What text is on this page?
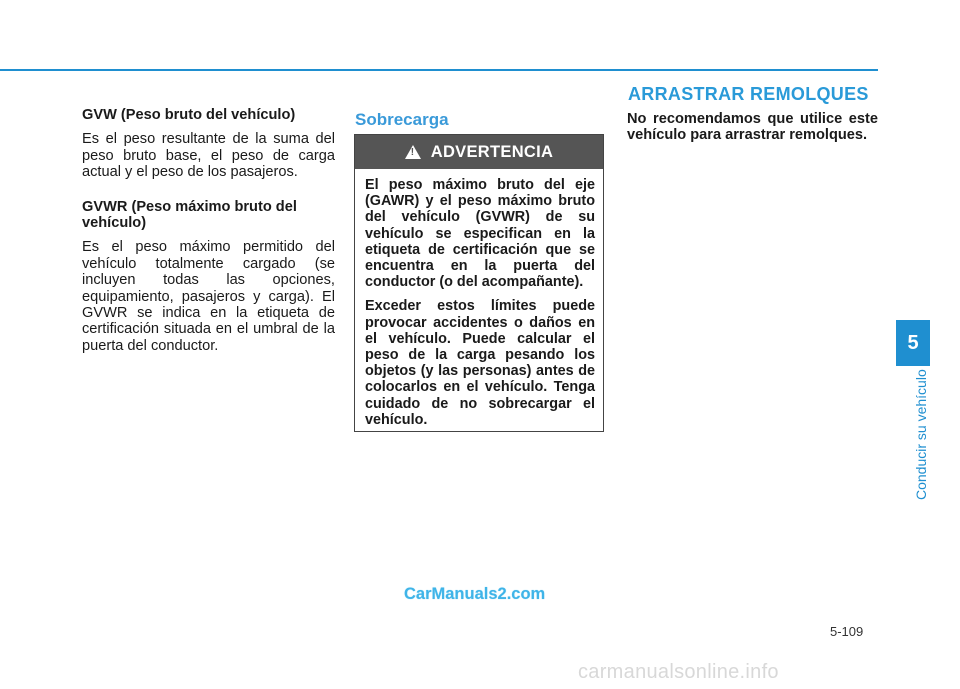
GVW (Peso bruto del vehículo)

Es el peso resultante de la suma del peso bruto base, el peso de carga actual y el peso de los pasajeros.

GVWR (Peso máximo bruto del vehículo)

Es el peso máximo permitido del vehículo totalmente cargado (se incluyen todas las opciones, equipamiento, pasajeros y carga). El GVWR se indica en la etiqueta de certificación situada en el umbral de la puerta del conductor.

Sobrecarga
!
ADVERTENCIA

El peso máximo bruto del eje (GAWR) y el peso máximo bruto del vehículo (GVWR) de su vehículo se especifican en la etiqueta de certificación que se encuentra en la puerta del conductor (o del acompañante).

Exceder estos límites puede provocar accidentes o daños en el vehículo. Puede calcular el peso de la carga pesando los objetos (y las personas) antes de colocarlos en el vehículo. Tenga cuidado de no sobrecargar el vehículo.

ARRASTRAR REMOLQUES
No recomendamos que utilice este vehículo para arrastrar remolques.
5
Conducir su vehículo
CarManuals2.com
5-109
carmanualsonline.info
